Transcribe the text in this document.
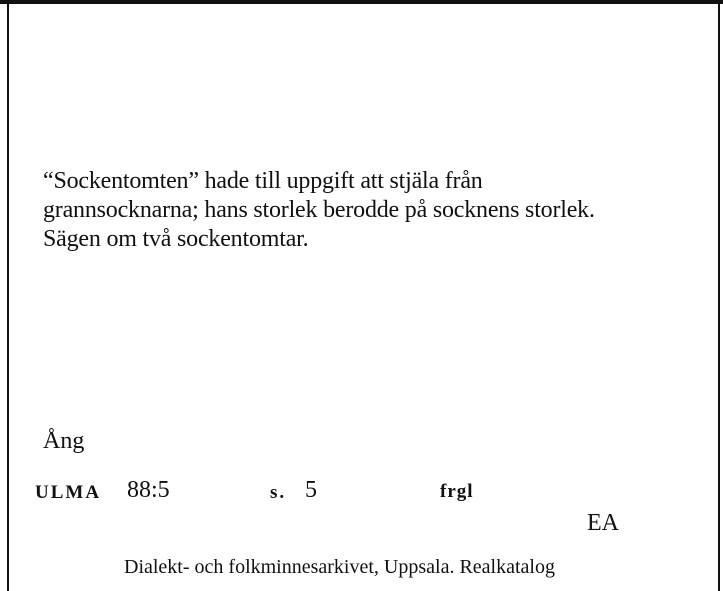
“Sockentomten” hade till uppgift att stjäla från
grannsocknarna; hans storlek berodde på socknens storlek.
Sägen om två sockentomtar.
Ång
ULMA 88:5	s. 5	frgl
EA
Dialekt- och folkminnesarkivet, Uppsala. Realkatalog
